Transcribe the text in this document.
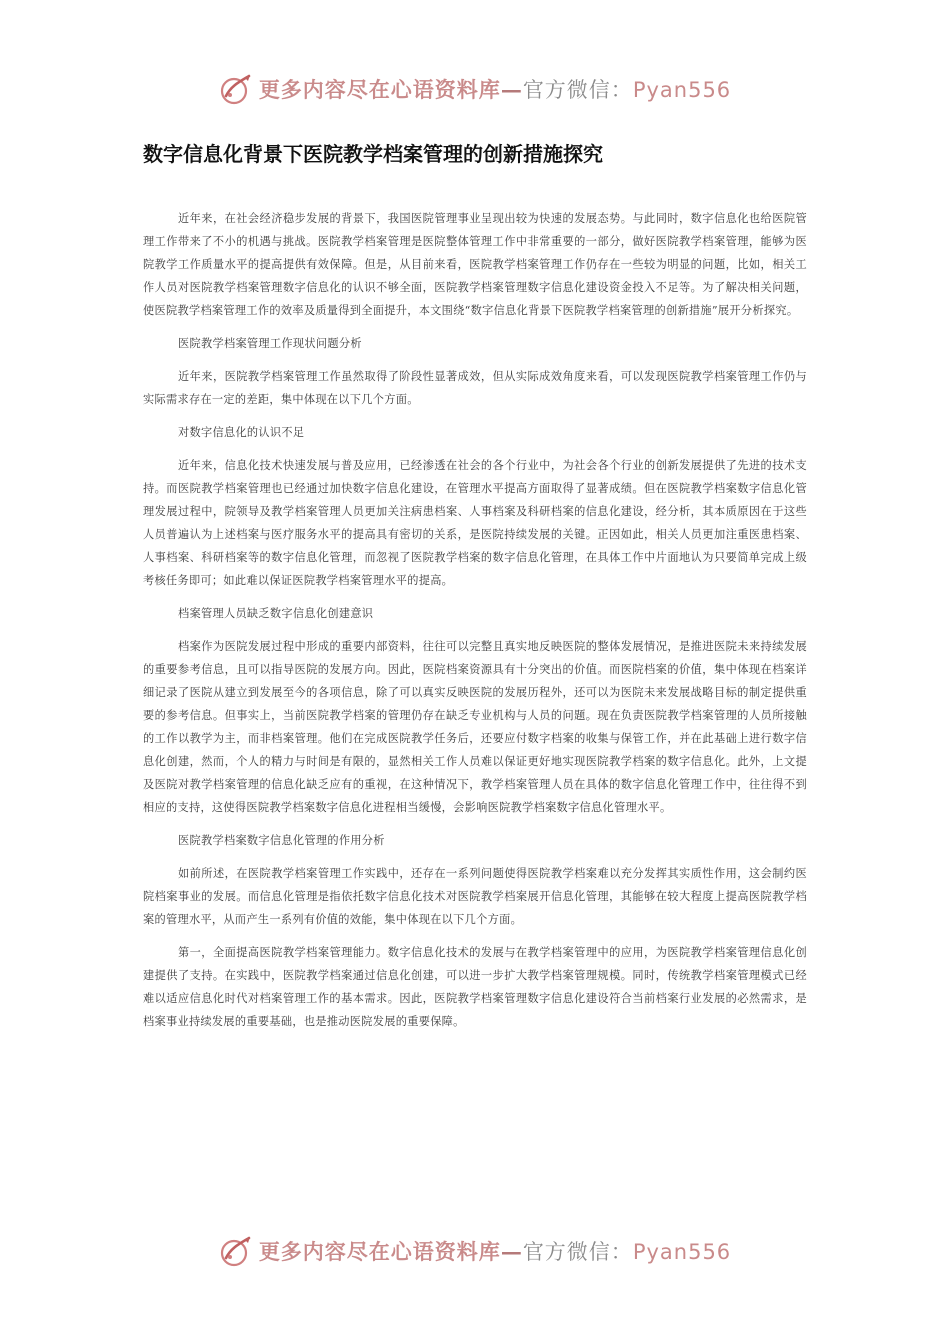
更多内容尽在心语资料库—官方微信：Pyan556
数字信息化背景下医院教学档案管理的创新措施探究

近年来，在社会经济稳步发展的背景下，我国医院管理事业呈现出较为快速的发展态势。与此同时，数字信息化也给医院管理工作带来了不小的机遇与挑战。医院教学档案管理是医院整体管理工作中非常重要的一部分，做好医院教学档案管理，能够为医院教学工作质量水平的提高提供有效保障。但是，从目前来看，医院教学档案管理工作仍存在一些较为明显的问题，比如，相关工作人员对医院教学档案管理数字信息化的认识不够全面，医院教学档案管理数字信息化建设资金投入不足等。为了解决相关问题，使医院教学档案管理工作的效率及质量得到全面提升，本文围绕“数字信息化背景下医院教学档案管理的创新措施”展开分析探究。

医院教学档案管理工作现状问题分析

近年来，医院教学档案管理工作虽然取得了阶段性显著成效，但从实际成效角度来看，可以发现医院教学档案管理工作仍与实际需求存在一定的差距，集中体现在以下几个方面。

对数字信息化的认识不足

近年来，信息化技术快速发展与普及应用，已经渗透在社会的各个行业中，为社会各个行业的创新发展提供了先进的技术支持。而医院教学档案管理也已经通过加快数字信息化建设，在管理水平提高方面取得了显著成绩。但在医院教学档案数字信息化管理发展过程中，院领导及教学档案管理人员更加关注病患档案、人事档案及科研档案的信息化建设，经分析，其本质原因在于这些人员普遍认为上述档案与医疗服务水平的提高具有密切的关系，是医院持续发展的关键。正因如此，相关人员更加注重医患档案、人事档案、科研档案等的数字信息化管理，而忽视了医院教学档案的数字信息化管理，在具体工作中片面地认为只要简单完成上级考核任务即可；如此难以保证医院教学档案管理水平的提高。

档案管理人员缺乏数字信息化创建意识

档案作为医院发展过程中形成的重要内部资料，往往可以完整且真实地反映医院的整体发展情况，是推进医院未来持续发展的重要参考信息，且可以指导医院的发展方向。因此，医院档案资源具有十分突出的价值。而医院档案的价值，集中体现在档案详细记录了医院从建立到发展至今的各项信息，除了可以真实反映医院的发展历程外，还可以为医院未来发展战略目标的制定提供重要的参考信息。但事实上，当前医院教学档案的管理仍存在缺乏专业机构与人员的问题。现在负责医院教学档案管理的人员所接触的工作以教学为主，而非档案管理。他们在完成医院教学任务后，还要应付数字档案的收集与保管工作，并在此基础上进行数字信息化创建，然而，个人的精力与时间是有限的，显然相关工作人员难以保证更好地实现医院教学档案的数字信息化。此外，上文提及医院对教学档案管理的信息化缺乏应有的重视，在这种情况下，教学档案管理人员在具体的数字信息化管理工作中，往往得不到相应的支持，这使得医院教学档案数字信息化进程相当缓慢，会影响医院教学档案数字信息化管理水平。

医院教学档案数字信息化管理的作用分析

如前所述，在医院教学档案管理工作实践中，还存在一系列问题使得医院教学档案难以充分发挥其实质性作用，这会制约医院档案事业的发展。而信息化管理是指依托数字信息化技术对医院教学档案展开信息化管理，其能够在较大程度上提高医院教学档案的管理水平，从而产生一系列有价值的效能，集中体现在以下几个方面。

第一，全面提高医院教学档案管理能力。数字信息化技术的发展与在教学档案管理中的应用，为医院教学档案管理信息化创建提供了支持。在实践中，医院教学档案通过信息化创建，可以进一步扩大教学档案管理规模。同时，传统教学档案管理模式已经难以适应信息化时代对档案管理工作的基本需求。因此，医院教学档案管理数字信息化建设符合当前档案行业发展的必然需求，是档案事业持续发展的重要基础，也是推动医院发展的重要保障。

更多内容尽在心语资料库—官方微信：Pyan556
